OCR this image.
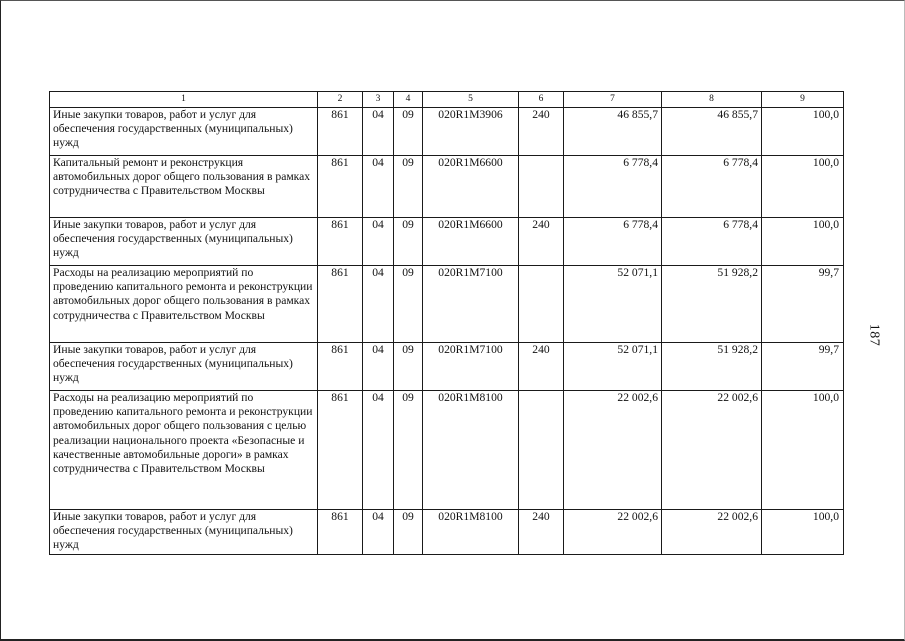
1	2	3	4	5	6	7	8	9
Иные закупки товаров, работ и услуг для обеспечения государственных (муниципальных) нужд	861	04	09	020R1M3906	240	46 855,7	46 855,7	100,0
Капитальный ремонт и реконструкция автомобильных дорог общего пользования в рамках сотрудничества с Правительством Москвы	861	04	09	020R1M6600		6 778,4	6 778,4	100,0
Иные закупки товаров, работ и услуг для обеспечения государственных (муниципальных) нужд	861	04	09	020R1M6600	240	6 778,4	6 778,4	100,0
Расходы на реализацию мероприятий по проведению капитального ремонта и реконструкции автомобильных дорог общего пользования в рамках сотрудничества с Правительством Москвы	861	04	09	020R1M7100		52 071,1	51 928,2	99,7
Иные закупки товаров, работ и услуг для обеспечения государственных (муниципальных) нужд	861	04	09	020R1M7100	240	52 071,1	51 928,2	99,7
Расходы на реализацию мероприятий по проведению капитального ремонта и реконструкции автомобильных дорог общего пользования с целью реализации национального проекта «Безопасные и качественные автомобильные дороги» в рамках сотрудничества с Правительством Москвы	861	04	09	020R1M8100		22 002,6	22 002,6	100,0
Иные закупки товаров, работ и услуг для обеспечения государственных (муниципальных) нужд	861	04	09	020R1M8100	240	22 002,6	22 002,6	100,0
187
